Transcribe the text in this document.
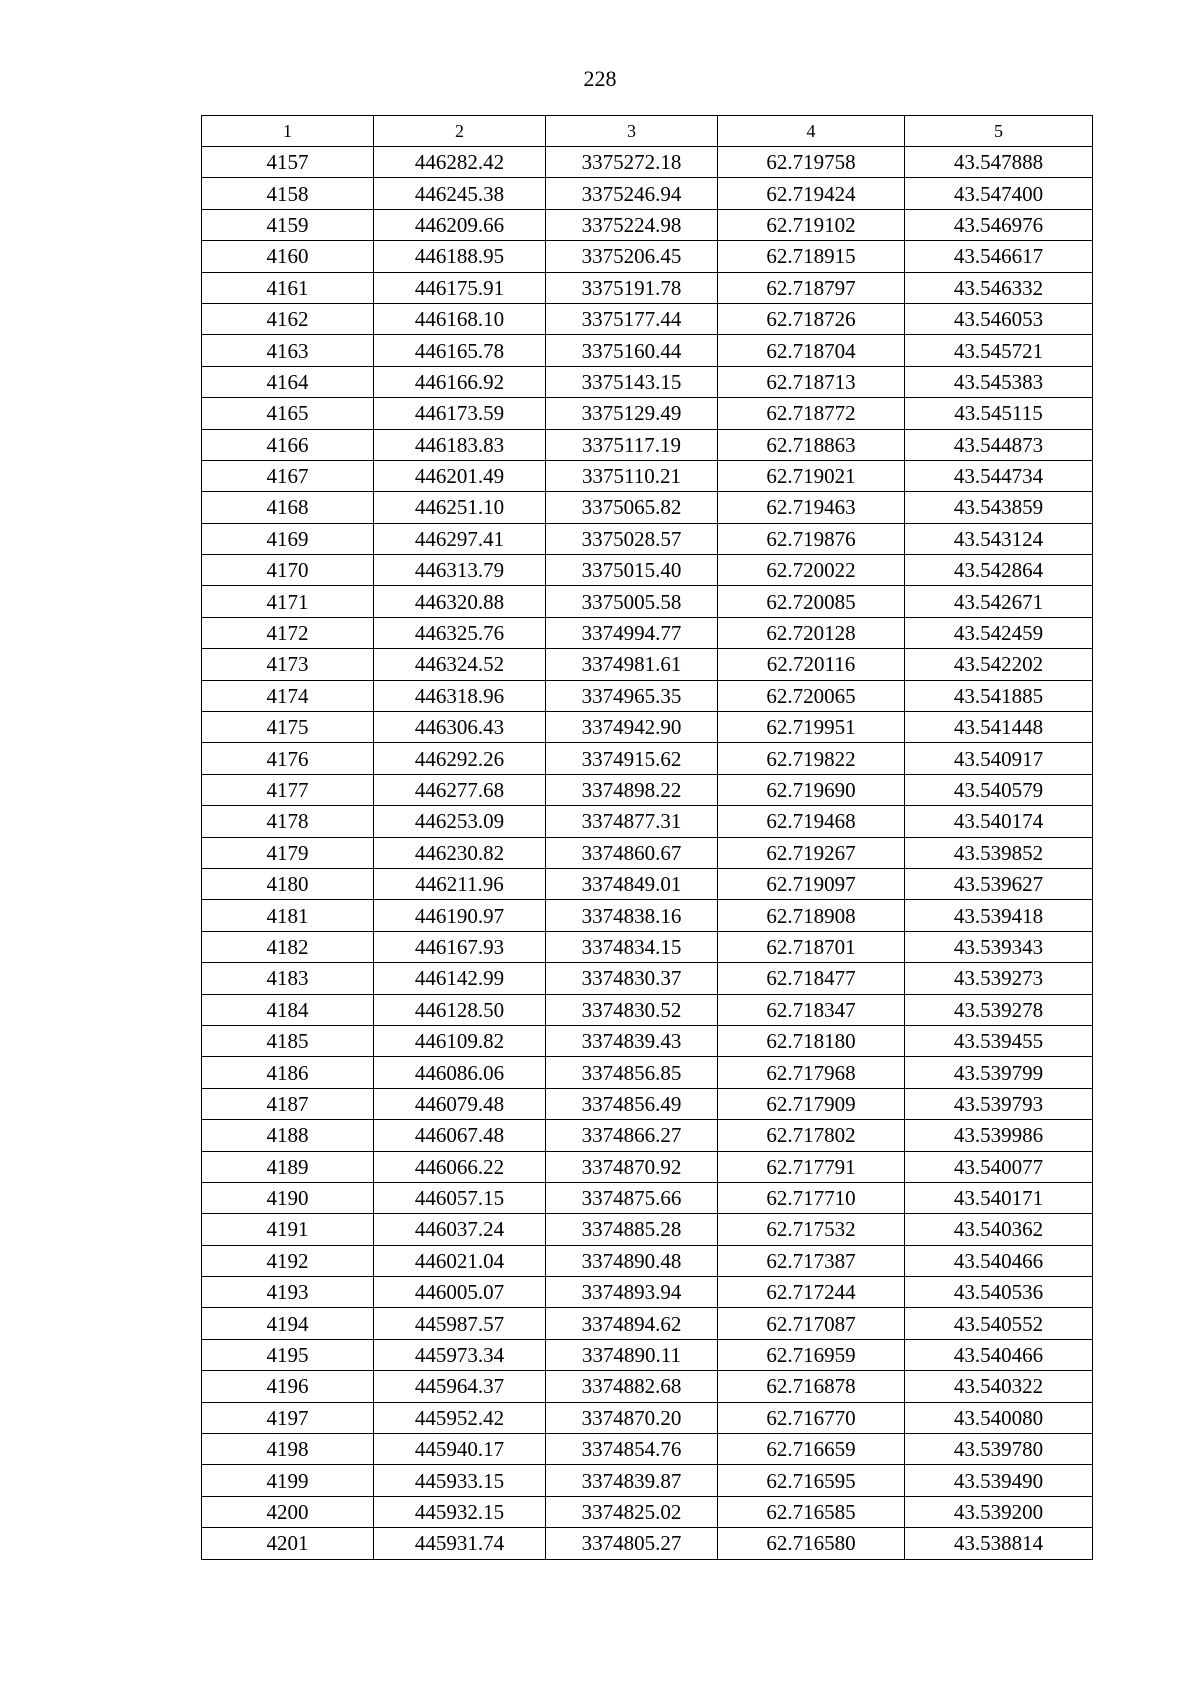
228
1	2	3	4	5
4157	446282.42	3375272.18	62.719758	43.547888
4158	446245.38	3375246.94	62.719424	43.547400
4159	446209.66	3375224.98	62.719102	43.546976
4160	446188.95	3375206.45	62.718915	43.546617
4161	446175.91	3375191.78	62.718797	43.546332
4162	446168.10	3375177.44	62.718726	43.546053
4163	446165.78	3375160.44	62.718704	43.545721
4164	446166.92	3375143.15	62.718713	43.545383
4165	446173.59	3375129.49	62.718772	43.545115
4166	446183.83	3375117.19	62.718863	43.544873
4167	446201.49	3375110.21	62.719021	43.544734
4168	446251.10	3375065.82	62.719463	43.543859
4169	446297.41	3375028.57	62.719876	43.543124
4170	446313.79	3375015.40	62.720022	43.542864
4171	446320.88	3375005.58	62.720085	43.542671
4172	446325.76	3374994.77	62.720128	43.542459
4173	446324.52	3374981.61	62.720116	43.542202
4174	446318.96	3374965.35	62.720065	43.541885
4175	446306.43	3374942.90	62.719951	43.541448
4176	446292.26	3374915.62	62.719822	43.540917
4177	446277.68	3374898.22	62.719690	43.540579
4178	446253.09	3374877.31	62.719468	43.540174
4179	446230.82	3374860.67	62.719267	43.539852
4180	446211.96	3374849.01	62.719097	43.539627
4181	446190.97	3374838.16	62.718908	43.539418
4182	446167.93	3374834.15	62.718701	43.539343
4183	446142.99	3374830.37	62.718477	43.539273
4184	446128.50	3374830.52	62.718347	43.539278
4185	446109.82	3374839.43	62.718180	43.539455
4186	446086.06	3374856.85	62.717968	43.539799
4187	446079.48	3374856.49	62.717909	43.539793
4188	446067.48	3374866.27	62.717802	43.539986
4189	446066.22	3374870.92	62.717791	43.540077
4190	446057.15	3374875.66	62.717710	43.540171
4191	446037.24	3374885.28	62.717532	43.540362
4192	446021.04	3374890.48	62.717387	43.540466
4193	446005.07	3374893.94	62.717244	43.540536
4194	445987.57	3374894.62	62.717087	43.540552
4195	445973.34	3374890.11	62.716959	43.540466
4196	445964.37	3374882.68	62.716878	43.540322
4197	445952.42	3374870.20	62.716770	43.540080
4198	445940.17	3374854.76	62.716659	43.539780
4199	445933.15	3374839.87	62.716595	43.539490
4200	445932.15	3374825.02	62.716585	43.539200
4201	445931.74	3374805.27	62.716580	43.538814
